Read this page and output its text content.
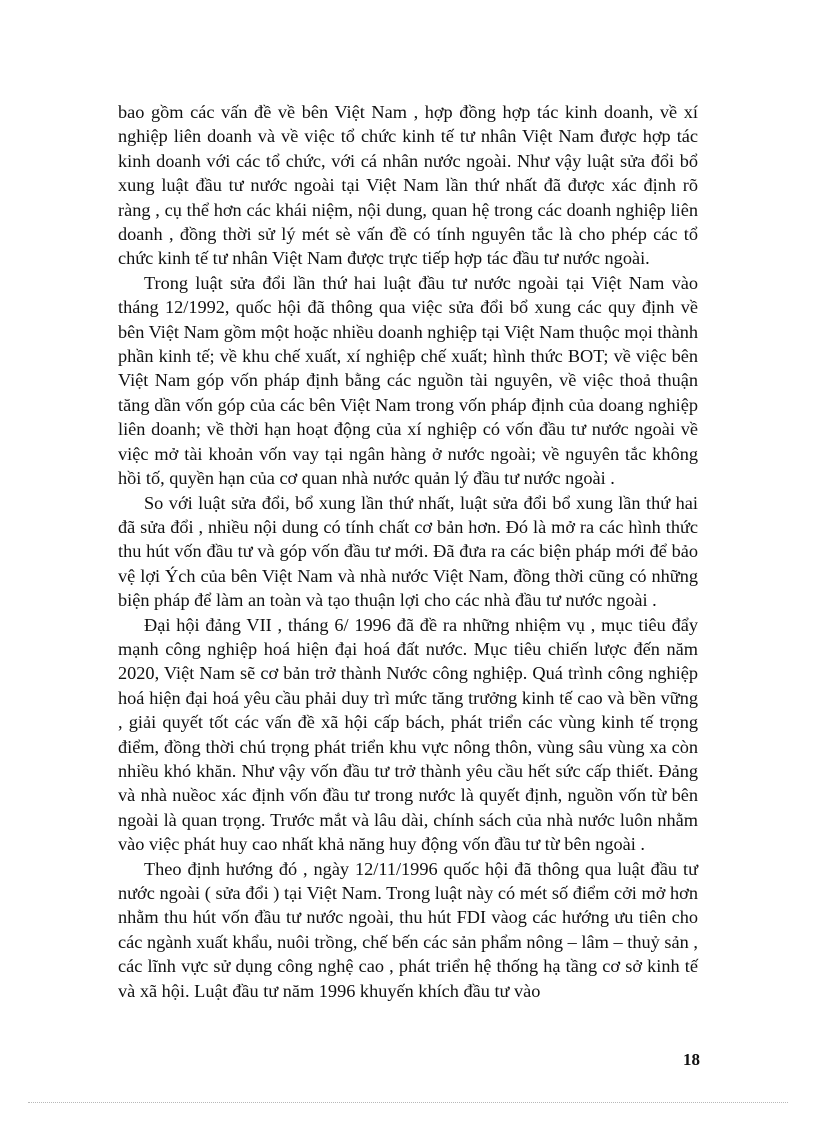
bao gồm các vấn đề về bên Việt Nam , hợp đồng hợp tác kinh doanh, về xí nghiệp liên doanh và về việc tổ chức kinh tế tư nhân Việt Nam được hợp tác kinh doanh với các tổ chức, với cá nhân nước ngoài. Như vậy luật sửa đổi bổ xung luật đầu tư nước ngoài tại Việt Nam lần thứ nhất đã được xác định rõ ràng , cụ thể hơn các khái niệm, nội dung, quan hệ trong các doanh nghiệp liên doanh , đồng thời sử lý mét sè vấn đề có tính nguyên tắc là cho phép các tổ chức kinh tế tư nhân Việt Nam được trực tiếp hợp tác đầu tư nước ngoài.

Trong luật sửa đổi lần thứ hai luật đầu tư nước ngoài tại Việt Nam vào tháng 12/1992, quốc hội đã thông qua việc sửa đổi bổ xung các quy định về bên Việt Nam gồm một hoặc nhiều doanh nghiệp tại Việt Nam thuộc mọi thành phần kinh tế; về khu chế xuất, xí nghiệp chế xuất; hình thức BOT; về việc bên Việt Nam góp vốn pháp định bằng các nguồn tài nguyên, về việc thoả thuận tăng dần vốn góp của các bên Việt Nam trong vốn pháp định của doang nghiệp liên doanh; về thời hạn hoạt động của xí nghiệp có vốn đầu tư nước ngoài về việc mở tài khoản vốn vay tại ngân hàng ở nước ngoài; về nguyên tắc không hồi tố, quyền hạn của cơ quan nhà nước quản lý đầu tư nước ngoài .

So với luật sửa đổi, bổ xung lần thứ nhất, luật sửa đổi bổ xung lần thứ hai đã sửa đổi , nhiều nội dung có tính chất cơ bản hơn. Đó là mở ra các hình thức thu hút vốn đầu tư và góp vốn đầu tư mới. Đã đưa ra các biện pháp mới để bảo vệ lợi Ých của bên Việt Nam và nhà nước Việt Nam, đồng thời cũng có những biện pháp để làm an toàn và tạo thuận lợi cho các nhà đầu tư nước ngoài .

Đại hội đảng VII , tháng 6/ 1996 đã đề ra những nhiệm vụ , mục tiêu đẩy mạnh công nghiệp hoá hiện đại hoá đất nước. Mục tiêu chiến lược đến năm 2020, Việt Nam sẽ cơ bản trở thành Nước công nghiệp. Quá trình công nghiệp hoá hiện đại hoá yêu cầu phải duy trì mức tăng trưởng kinh tế cao và bền vững , giải quyết tốt các vấn đề xã hội cấp bách, phát triển các vùng kinh tế trọng điểm, đồng thời chú trọng phát triển khu vực nông thôn, vùng sâu vùng xa còn nhiều khó khăn. Như vậy vốn đầu tư trở thành yêu cầu hết sức cấp thiết. Đảng và nhà nuềoc xác định vốn đầu tư trong nước là quyết định, nguồn vốn từ bên ngoài là quan trọng. Trước mắt và lâu dài, chính sách của nhà nước luôn nhằm vào việc phát huy cao nhất khả năng huy động vốn đầu tư từ bên ngoài .

Theo định hướng đó , ngày 12/11/1996 quốc hội đã thông qua luật đầu tư nước ngoài ( sửa đổi ) tại Việt Nam. Trong luật này có mét số điểm cởi mở hơn nhằm thu hút vốn đầu tư nước ngoài, thu hút FDI vàog các hướng ưu tiên cho các ngành xuất khẩu, nuôi trồng, chế bến các sản phẩm nông – lâm – thuỷ sản , các lĩnh vực sử dụng công nghệ cao , phát triển hệ thống hạ tầng cơ sở kinh tế và xã hội. Luật đầu tư năm 1996 khuyến khích đầu tư vào

18
